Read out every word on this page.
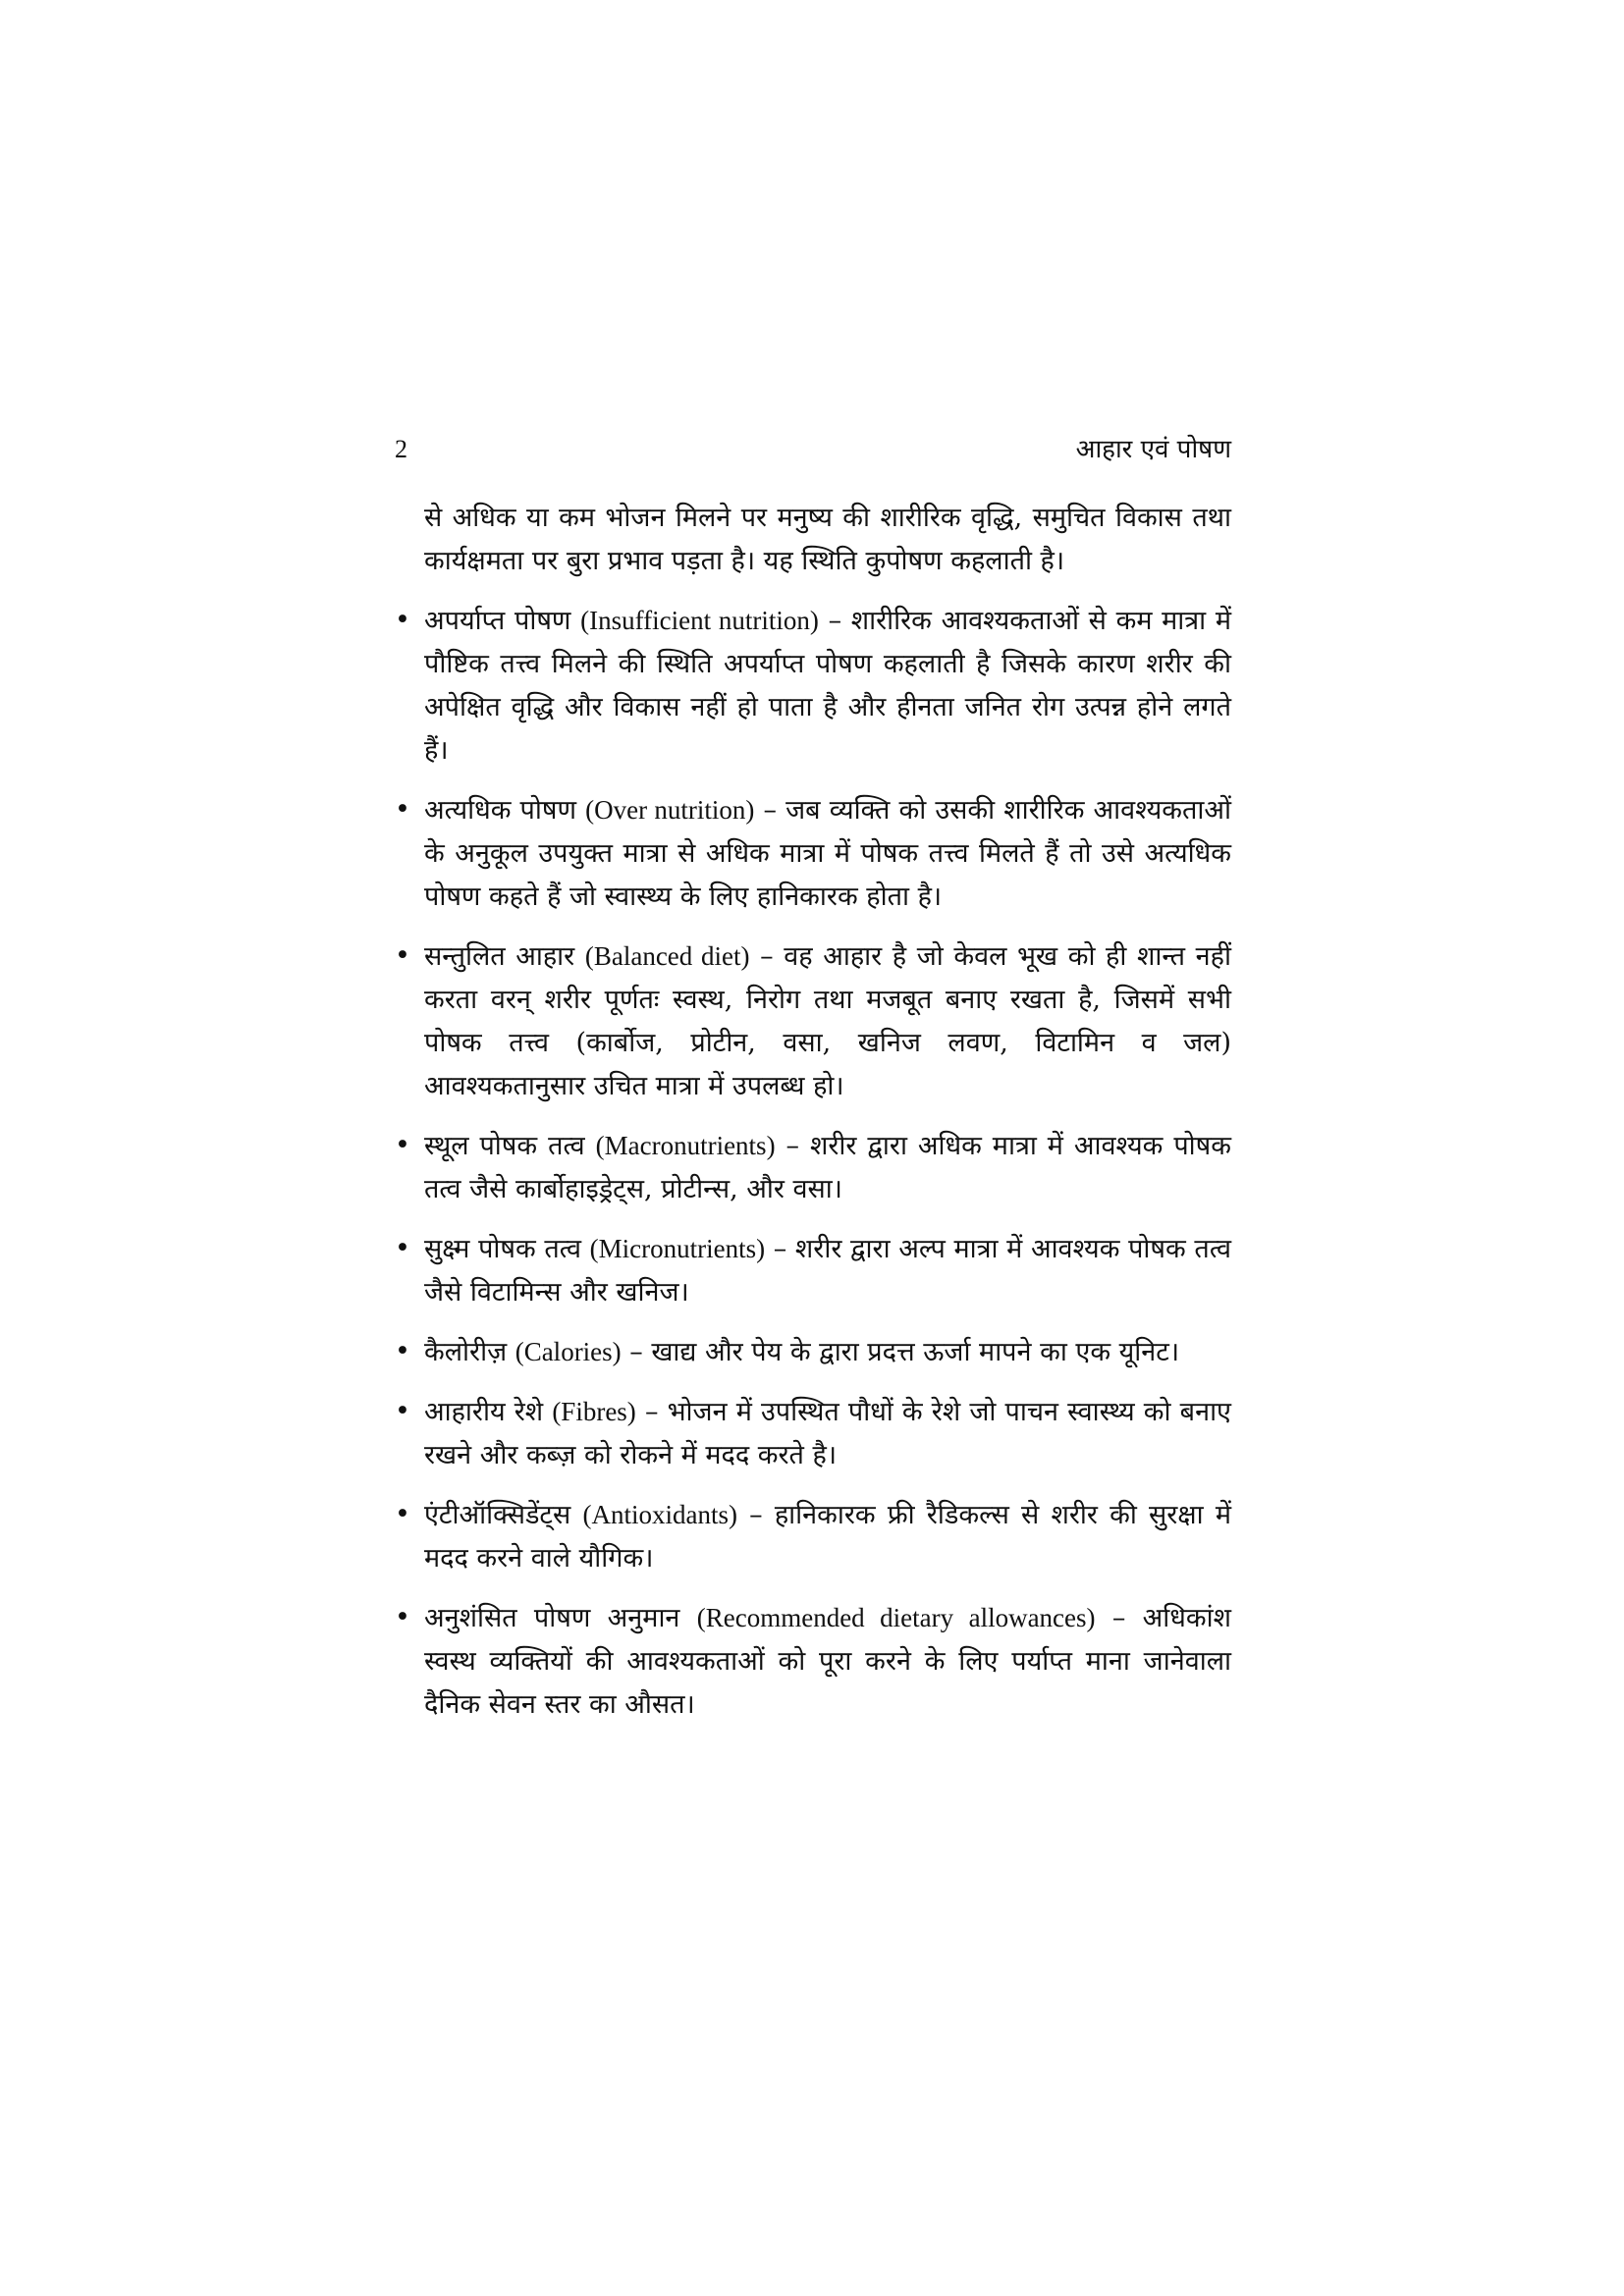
2	आहार एवं पोषण

से अधिक या कम भोजन मिलने पर मनुष्य की शारीरिक वृद्धि, समुचित विकास तथा कार्यक्षमता पर बुरा प्रभाव पड़ता है। यह स्थिति कुपोषण कहलाती है।

• अपर्याप्त पोषण (Insufficient nutrition) – शारीरिक आवश्यकताओं से कम मात्रा में पौष्टिक तत्त्व मिलने की स्थिति अपर्याप्त पोषण कहलाती है जिसके कारण शरीर की अपेक्षित वृद्धि और विकास नहीं हो पाता है और हीनता जनित रोग उत्पन्न होने लगते हैं।
• अत्यधिक पोषण (Over nutrition) – जब व्यक्ति को उसकी शारीरिक आवश्यकताओं के अनुकूल उपयुक्त मात्रा से अधिक मात्रा में पोषक तत्त्व मिलते हैं तो उसे अत्यधिक पोषण कहते हैं जो स्वास्थ्य के लिए हानिकारक होता है।
• सन्तुलित आहार (Balanced diet) – वह आहार है जो केवल भूख को ही शान्त नहीं करता वरन् शरीर पूर्णतः स्वस्थ, निरोग तथा मजबूत बनाए रखता है, जिसमें सभी पोषक तत्त्व (कार्बोज, प्रोटीन, वसा, खनिज लवण, विटामिन व जल) आवश्यकतानुसार उचित मात्रा में उपलब्ध हो।
• स्थूल पोषक तत्व (Macronutrients) – शरीर द्वारा अधिक मात्रा में आवश्यक पोषक तत्व जैसे कार्बोहाइड्रेट्स, प्रोटीन्स, और वसा।
• सुक्ष्म पोषक तत्व (Micronutrients) – शरीर द्वारा अल्प मात्रा में आवश्यक पोषक तत्व जैसे विटामिन्स और खनिज।
• कैलोरीज़ (Calories) – खाद्य और पेय के द्वारा प्रदत्त ऊर्जा मापने का एक यूनिट।
• आहारीय रेशे (Fibres) – भोजन में उपस्थित पौधों के रेशे जो पाचन स्वास्थ्य को बनाए रखने और कब्ज़ को रोकने में मदद करते है।
• एंटीऑक्सिडेंट्स (Antioxidants) – हानिकारक फ्री रैडिकल्स से शरीर की सुरक्षा में मदद करने वाले यौगिक।
• अनुशंसित पोषण अनुमान (Recommended dietary allowances) – अधिकांश स्वस्थ व्यक्तियों की आवश्यकताओं को पूरा करने के लिए पर्याप्त माना जानेवाला दैनिक सेवन स्तर का औसत।
